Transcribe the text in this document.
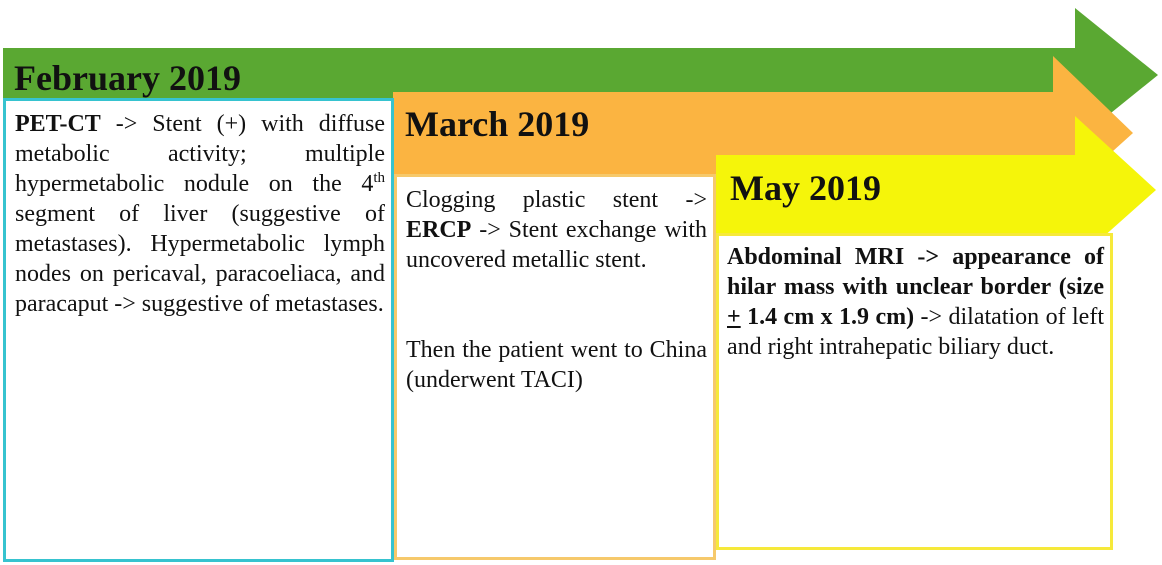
February 2019
March 2019
May 2019

PET-CT -> Stent (+) with diffuse metabolic activity; multiple hypermetabolic nodule on the 4th segment of liver (suggestive of metastases). Hypermetabolic lymph nodes on pericaval, paracoeliaca, and paracaput -> suggestive of metastases.

Clogging plastic stent -> ERCP -> Stent exchange with uncovered metallic stent.

Then the patient went to China (underwent TACI)

Abdominal MRI -> appearance of hilar mass with unclear border (size + 1.4 cm x 1.9 cm) -> dilatation of left and right intrahepatic biliary duct.
